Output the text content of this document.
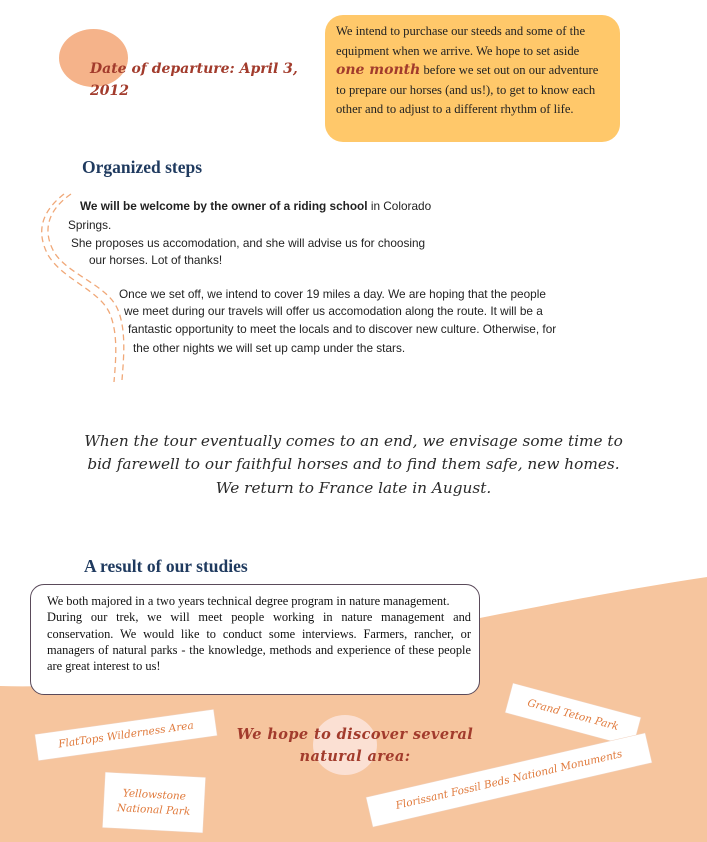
Date of departure: April 3, 2012
We intend to purchase our steeds and some of the equipment when we arrive. We hope to set aside one month before we set out on our adventure to prepare our horses (and us!), to get to know each other and to adjust to a different rhythm of life.
Organized steps
We will be welcome by the owner of a riding school in Colorado
Springs.
She proposes us accomodation, and she will advise us for choosing
our horses. Lot of thanks!
Once we set off, we intend to cover 19 miles a day. We are hoping that the people
we meet during our travels will offer us accomodation along the route. It will be a
fantastic opportunity to meet the locals and to discover new culture. Otherwise, for
the other nights we will set up camp under the stars.
When the tour eventually comes to an end, we envisage some time to
bid farewell to our faithful horses and to find them safe, new homes.
We return to France late in August.
A result of our studies
We both majored in a two years technical degree program in nature management.
During our trek, we will meet people working in nature management and conservation. We would like to conduct some interviews. Farmers, rancher, or managers of natural parks - the knowledge, methods and experience of these people are great interest to us!
We hope to discover several
natural area:
FlatTops Wilderness Area
Grand Teton Park
Yellowstone
National Park	Florissant Fossil Beds National Monuments
